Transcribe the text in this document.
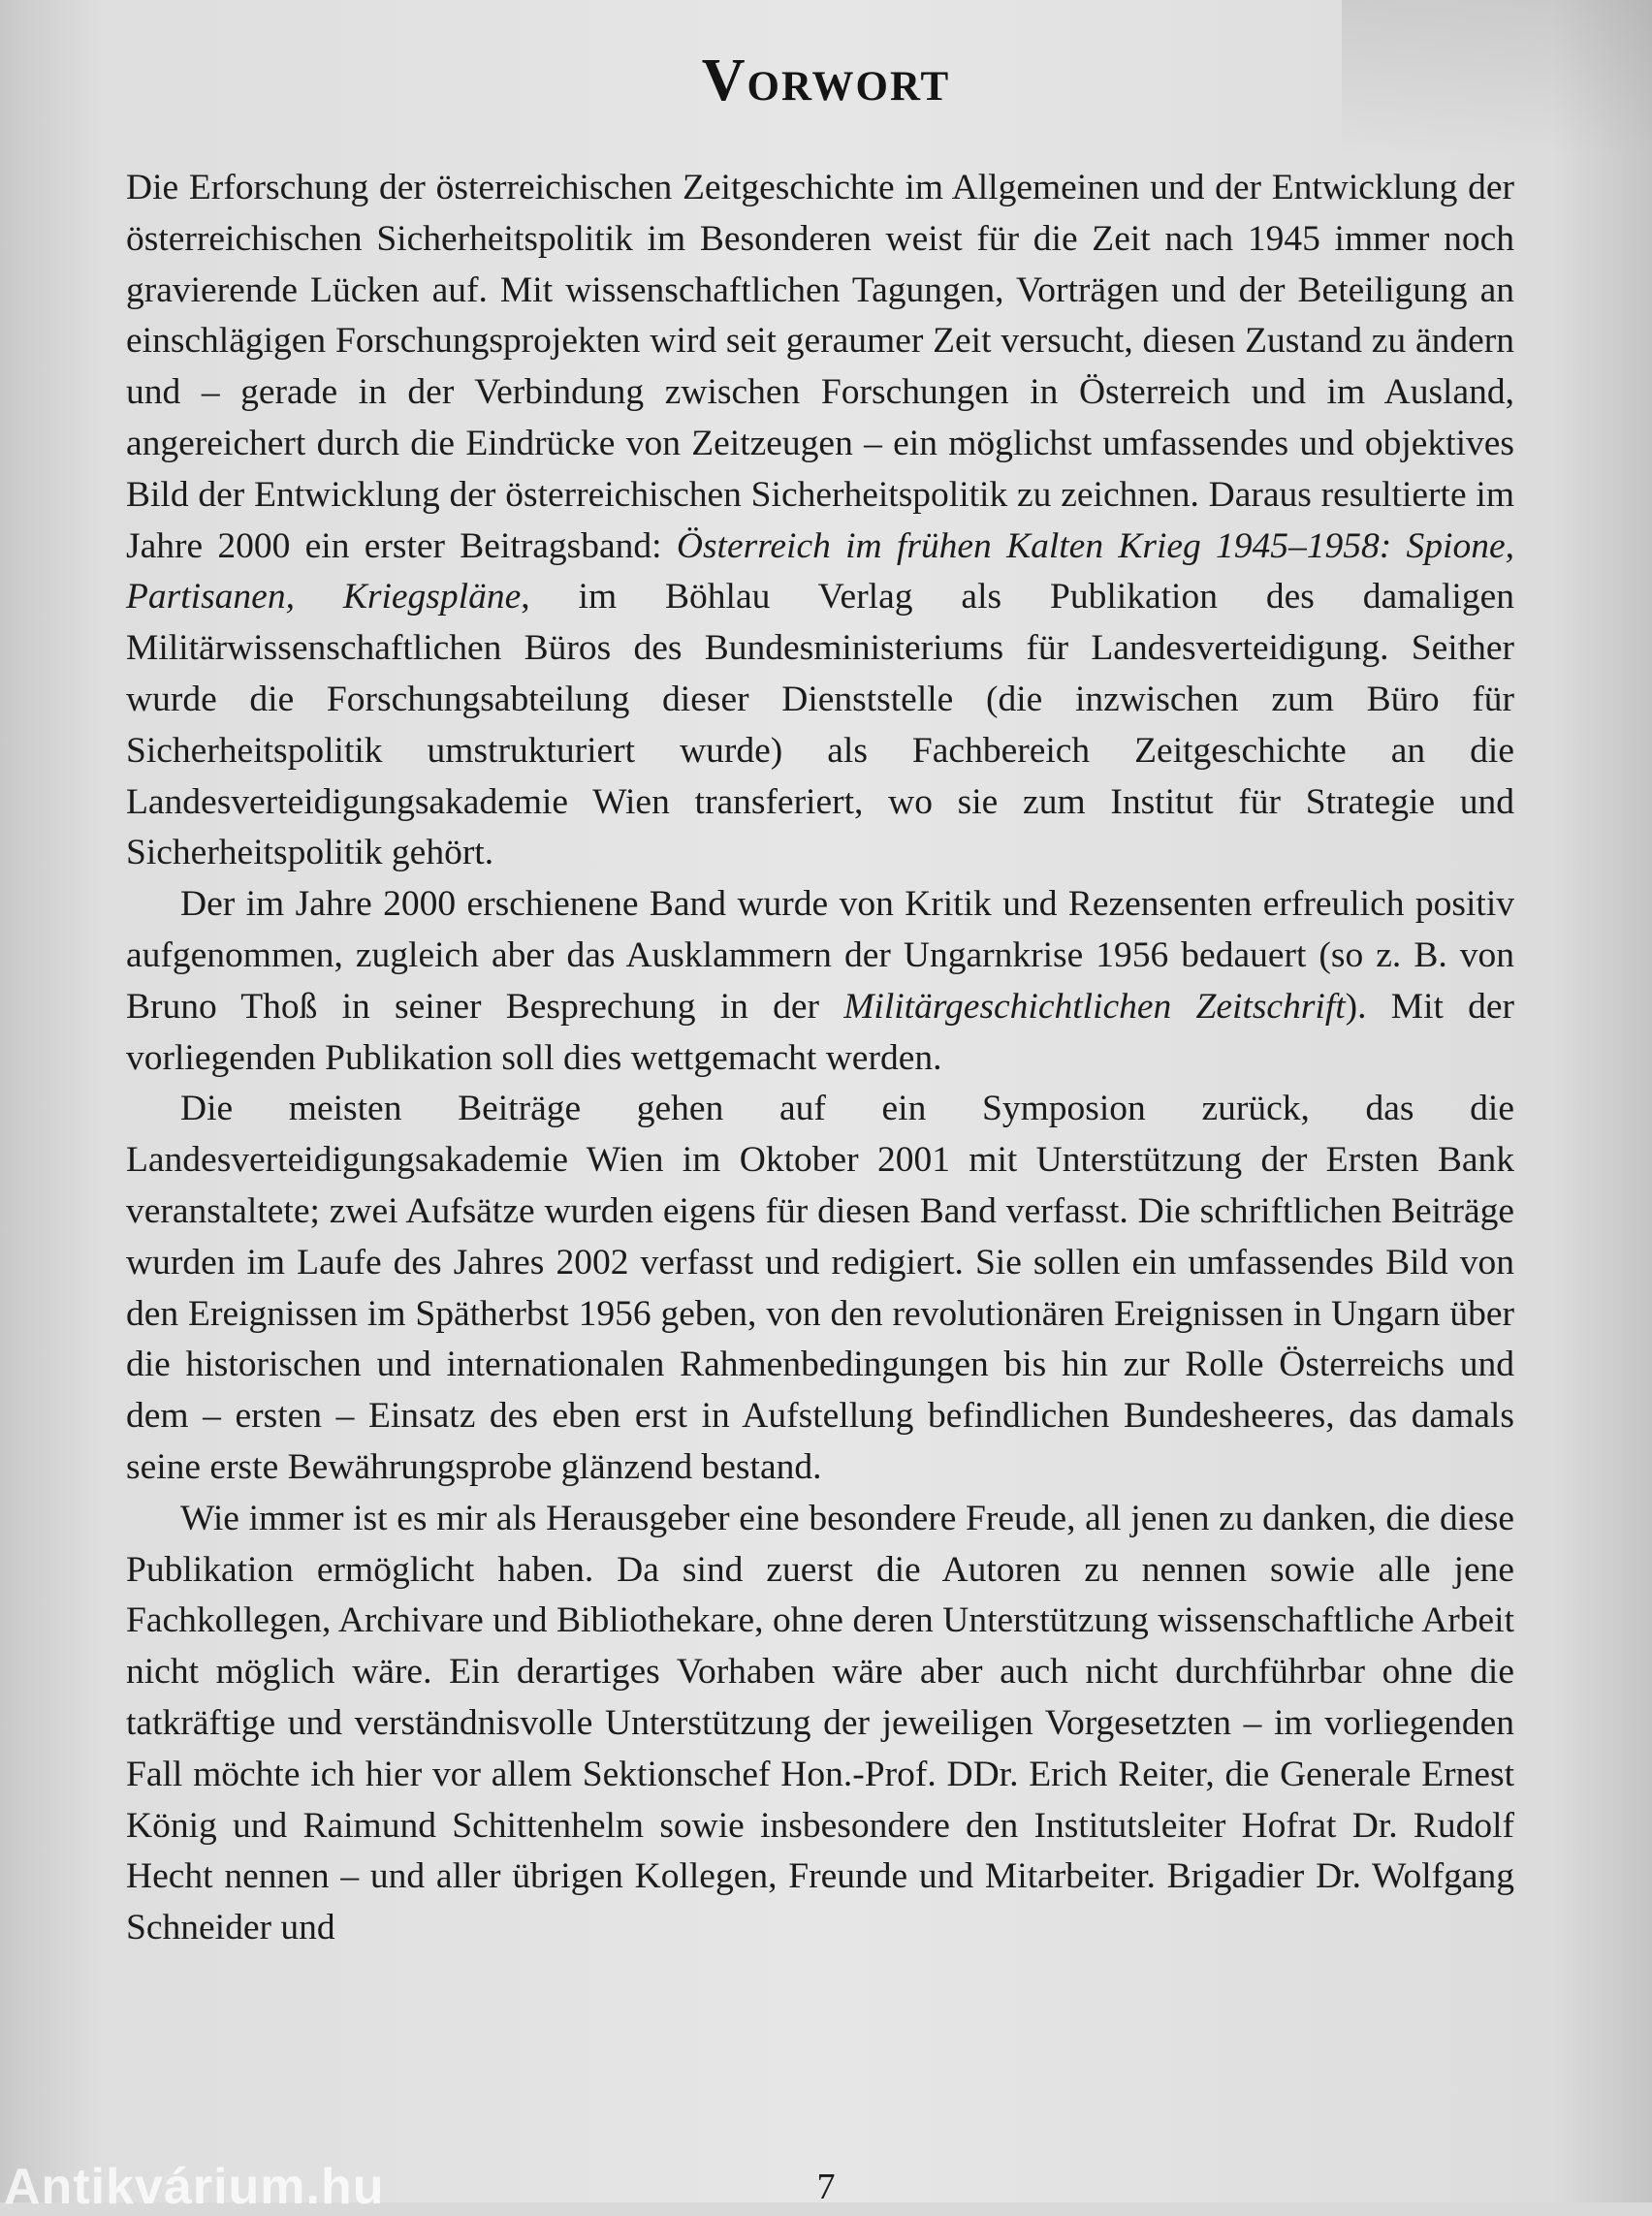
Vorwort

Die Erforschung der österreichischen Zeitgeschichte im Allgemeinen und der Entwicklung der österreichischen Sicherheitspolitik im Besonderen weist für die Zeit nach 1945 immer noch gravierende Lücken auf. Mit wissenschaftlichen Tagungen, Vorträgen und der Beteiligung an einschlägigen Forschungsprojekten wird seit geraumer Zeit versucht, diesen Zustand zu ändern und – gerade in der Verbindung zwischen Forschungen in Österreich und im Ausland, angereichert durch die Eindrücke von Zeitzeugen – ein möglichst umfassendes und objektives Bild der Entwicklung der österreichischen Sicherheitspolitik zu zeichnen. Daraus resultierte im Jahre 2000 ein erster Beitragsband: Österreich im frühen Kalten Krieg 1945–1958: Spione, Partisanen, Kriegspläne, im Böhlau Verlag als Publikation des damaligen Militärwissenschaftlichen Büros des Bundesministeriums für Landesverteidigung. Seither wurde die Forschungsabteilung dieser Dienststelle (die inzwischen zum Büro für Sicherheitspolitik umstrukturiert wurde) als Fachbereich Zeitgeschichte an die Landesverteidigungsakademie Wien transferiert, wo sie zum Institut für Strategie und Sicherheitspolitik gehört.

Der im Jahre 2000 erschienene Band wurde von Kritik und Rezensenten erfreulich positiv aufgenommen, zugleich aber das Ausklammern der Ungarnkrise 1956 bedauert (so z. B. von Bruno Thoß in seiner Besprechung in der Militärgeschichtlichen Zeitschrift). Mit der vorliegenden Publikation soll dies wettgemacht werden.

Die meisten Beiträge gehen auf ein Symposion zurück, das die Landesverteidigungsakademie Wien im Oktober 2001 mit Unterstützung der Ersten Bank veranstaltete; zwei Aufsätze wurden eigens für diesen Band verfasst. Die schriftlichen Beiträge wurden im Laufe des Jahres 2002 verfasst und redigiert. Sie sollen ein umfassendes Bild von den Ereignissen im Spätherbst 1956 geben, von den revolutionären Ereignissen in Ungarn über die historischen und internationalen Rahmenbedingungen bis hin zur Rolle Österreichs und dem – ersten – Einsatz des eben erst in Aufstellung befindlichen Bundesheeres, das damals seine erste Bewährungsprobe glänzend bestand.

Wie immer ist es mir als Herausgeber eine besondere Freude, all jenen zu danken, die diese Publikation ermöglicht haben. Da sind zuerst die Autoren zu nennen sowie alle jene Fachkollegen, Archivare und Bibliothekare, ohne deren Unterstützung wissenschaftliche Arbeit nicht möglich wäre. Ein derartiges Vorhaben wäre aber auch nicht durchführbar ohne die tatkräftige und verständnisvolle Unterstützung der jeweiligen Vorgesetzten – im vorliegenden Fall möchte ich hier vor allem Sektionschef Hon.-Prof. DDr. Erich Reiter, die Generale Ernest König und Raimund Schittenhelm sowie insbesondere den Institutsleiter Hofrat Dr. Rudolf Hecht nennen – und aller übrigen Kollegen, Freunde und Mitarbeiter. Brigadier Dr. Wolfgang Schneider und

7
Antikvárium.hu
